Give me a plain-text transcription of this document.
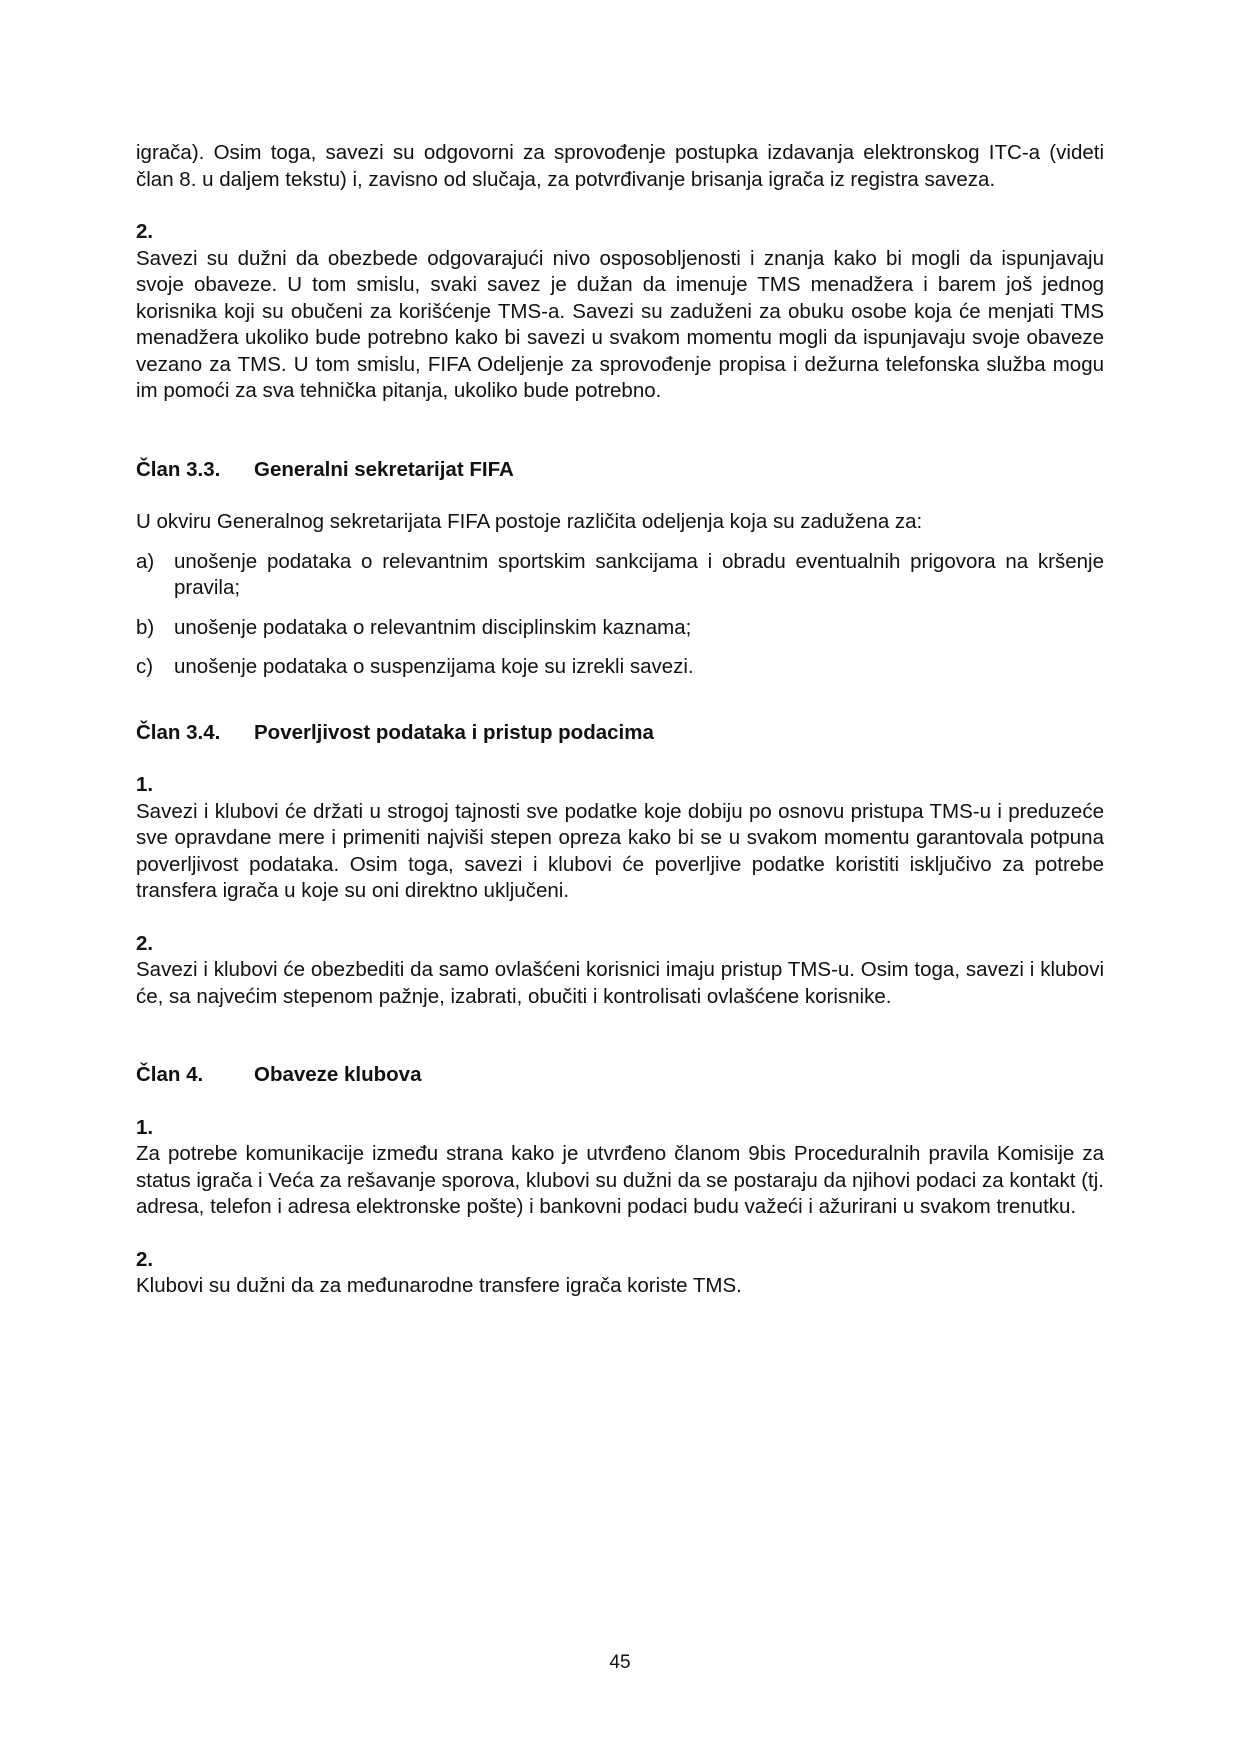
igrača). Osim toga, savezi su odgovorni za sprovođenje postupka izdavanja elektronskog ITC-a (videti član 8. u daljem tekstu) i, zavisno od slučaja, za potvrđivanje brisanja igrača iz registra saveza.

2.

Savezi su dužni da obezbede odgovarajući nivo osposobljenosti i znanja kako bi mogli da ispunjavaju svoje obaveze. U tom smislu, svaki savez je dužan da imenuje TMS menadžera i barem još jednog korisnika koji su obučeni za korišćenje TMS-a. Savezi su zaduženi za obuku osobe koja će menjati TMS menadžera ukoliko bude potrebno kako bi savezi u svakom momentu mogli da ispunjavaju svoje obaveze vezano za TMS. U tom smislu, FIFA Odeljenje za sprovođenje propisa i dežurna telefonska služba mogu im pomoći za sva tehnička pitanja, ukoliko bude potrebno.

Član 3.3.	Generalni sekretarijat FIFA

U okviru Generalnog sekretarijata FIFA postoje različita odeljenja koja su zadužena za:

a) unošenje podataka o relevantnim sportskim sankcijama i obradu eventualnih prigovora na kršenje pravila;
b) unošenje podataka o relevantnim disciplinskim kaznama;
c)	unošenje podataka o suspenzijama koje su izrekli savezi.
Član 3.4.	Poverljivost podataka i pristup podacima

1.

Savezi i klubovi će držati u strogoj tajnosti sve podatke koje dobiju po osnovu pristupa TMS-u i preduzeće sve opravdane mere i primeniti najviši stepen opreza kako bi se u svakom momentu garantovala potpuna poverljivost podataka. Osim toga, savezi i klubovi će poverljive podatke koristiti isključivo za potrebe transfera igrača u koje su oni direktno uključeni.

2.

Savezi i klubovi će obezbediti da samo ovlašćeni korisnici imaju pristup TMS-u. Osim toga, savezi i klubovi će, sa najvećim stepenom pažnje, izabrati, obučiti i kontrolisati ovlašćene korisnike.

Član 4.	Obaveze klubova

1.

Za potrebe komunikacije između strana kako je utvrđeno članom 9bis Proceduralnih pravila Komisije za status igrača i Veća za rešavanje sporova, klubovi su dužni da se postaraju da njihovi podaci za kontakt (tj. adresa, telefon i adresa elektronske pošte) i bankovni podaci budu važeći i ažurirani u svakom trenutku.

2.

Klubovi su dužni da za međunarodne transfere igrača koriste TMS.

45
